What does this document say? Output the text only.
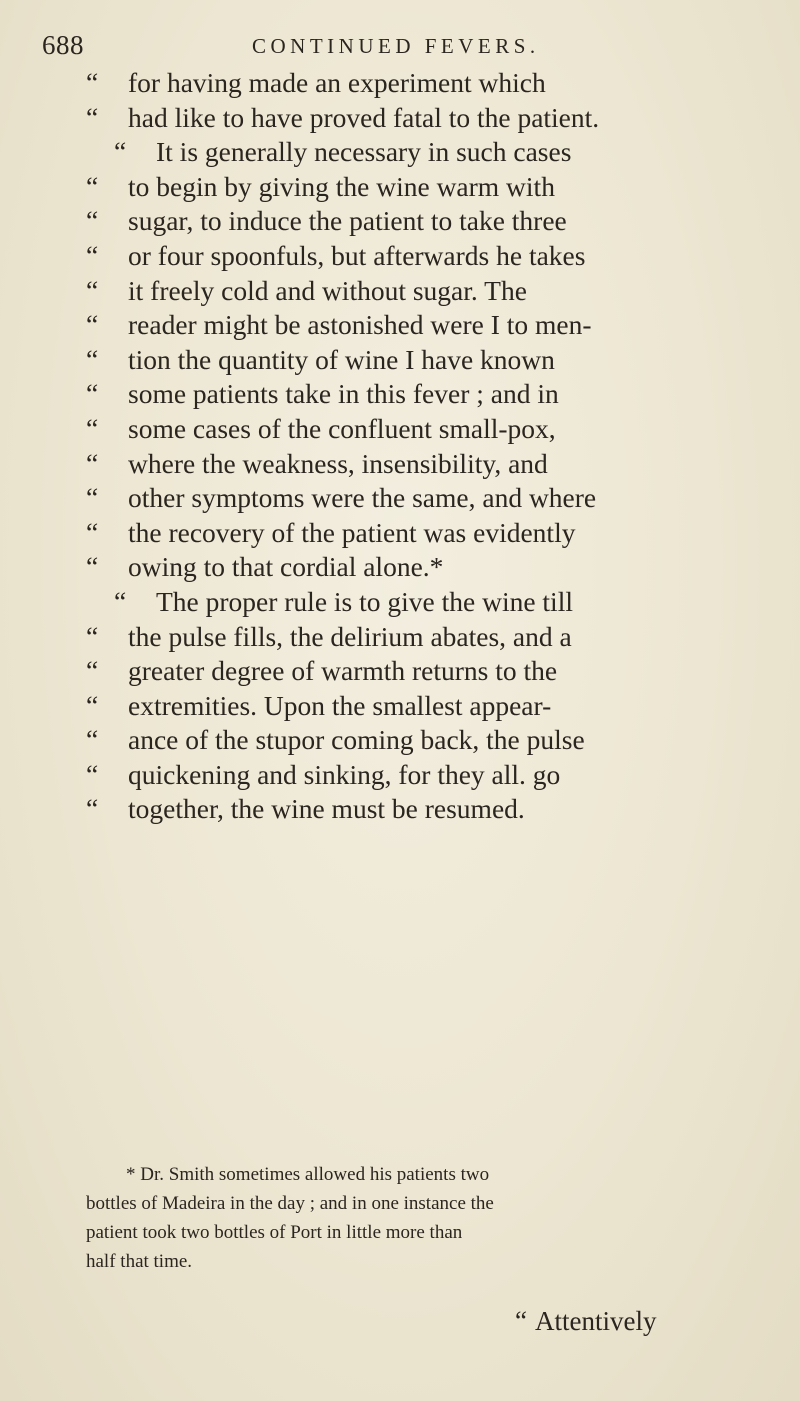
688	CONTINUED FEVERS.
“ for having made an experiment which
“ had like to have proved fatal to the patient.
“ It is generally necessary in such cases
“ to begin by giving the wine warm with
“ sugar, to induce the patient to take three
“ or four spoonfuls, but afterwards he takes
“ it freely cold and without sugar. The
“ reader might be astonished were I to men-
“ tion the quantity of wine I have known
“ some patients take in this fever ; and in
“ some cases of the confluent small-pox,
“ where the weakness, insensibility, and
“ other symptoms were the same, and where
“ the recovery of the patient was evidently
“ owing to that cordial alone.*
“ The proper rule is to give the wine till
“ the pulse fills, the delirium abates, and a
“ greater degree of warmth returns to the
“ extremities. Upon the smallest appear-
“ ance of the stupor coming back, the pulse
“ quickening and sinking, for they all. go
“ together, the wine must be resumed.
* Dr. Smith sometimes allowed his patients two
bottles of Madeira in the day ; and in one instance the
patient took two bottles of Port in little more than
half that time.
“ Attentively
